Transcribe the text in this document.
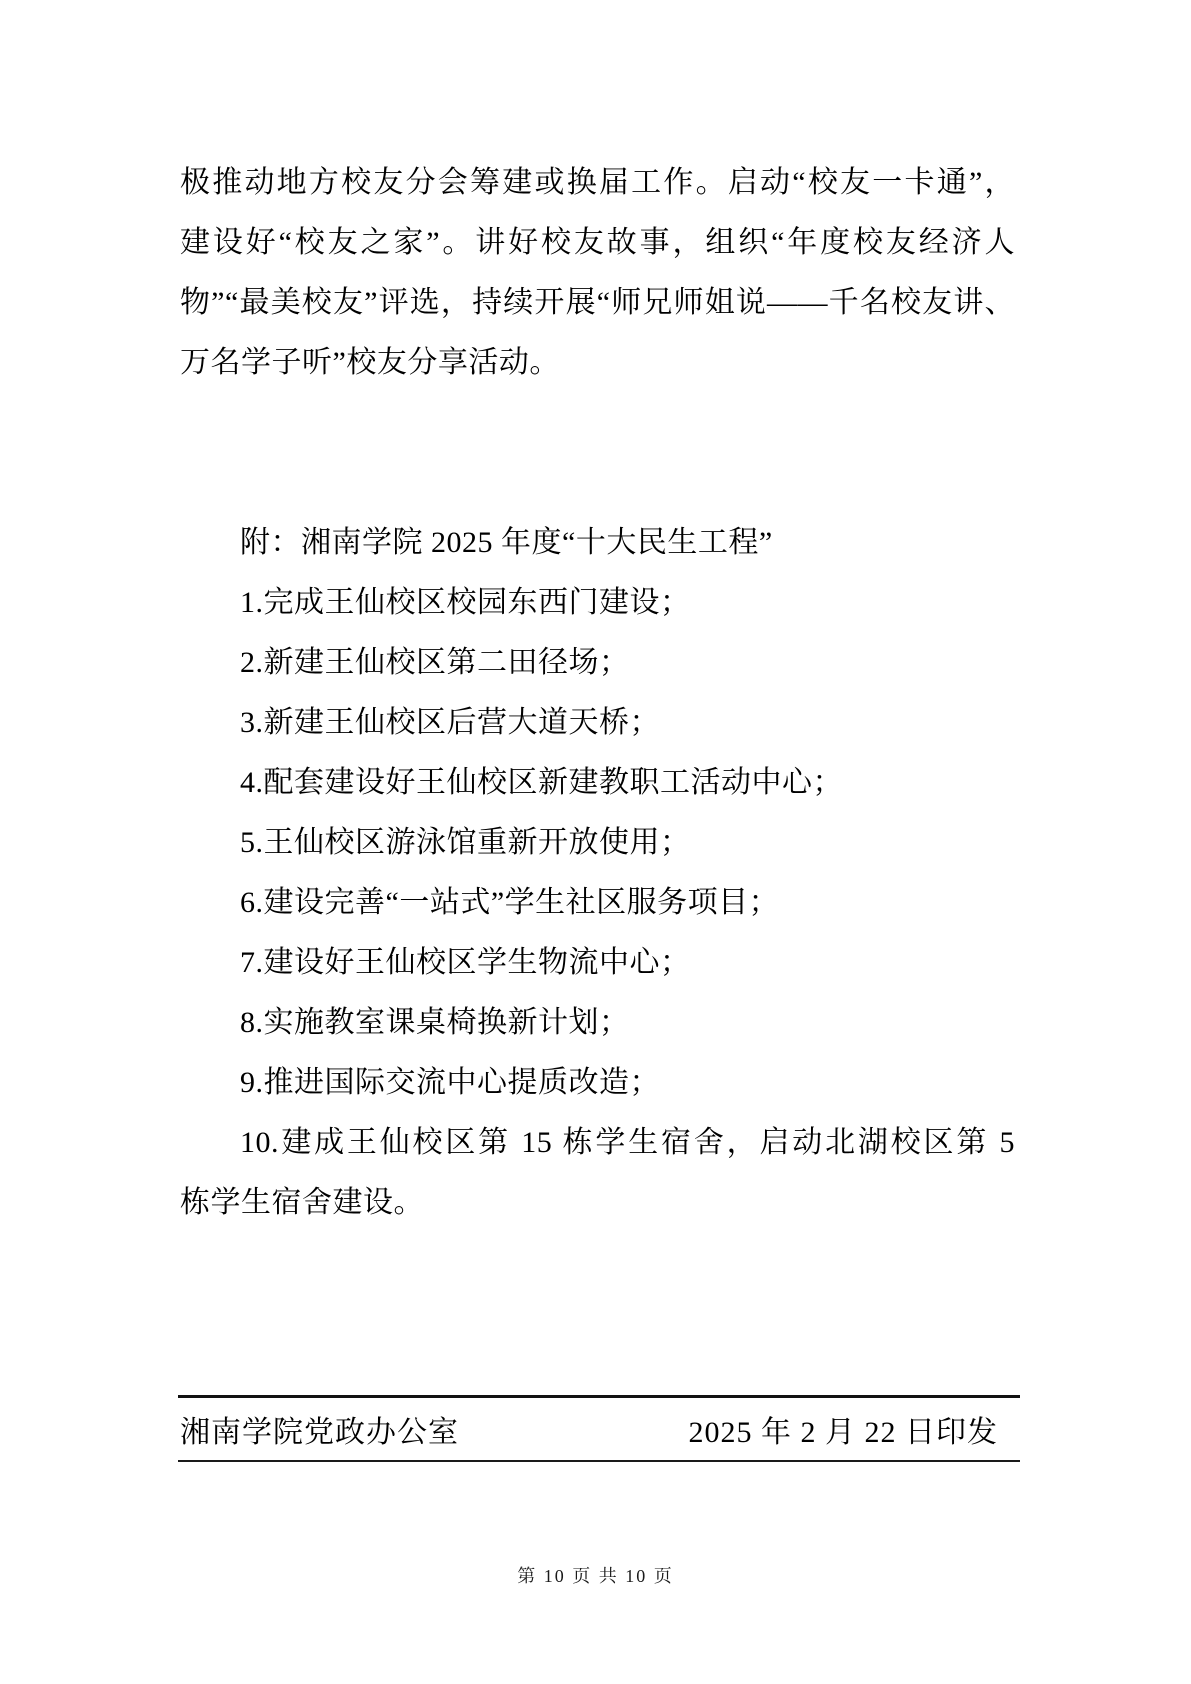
极推动地方校友分会筹建或换届工作。启动“校友一卡通”，
建设好“校友之家”。讲好校友故事，组织“年度校友经济人
物”“最美校友”评选，持续开展“师兄师姐说——千名校友讲、
万名学子听”校友分享活动。
附：湘南学院 2025 年度“十大民生工程”
1.完成王仙校区校园东西门建设；
2.新建王仙校区第二田径场；
3.新建王仙校区后营大道天桥；
4.配套建设好王仙校区新建教职工活动中心；
5.王仙校区游泳馆重新开放使用；
6.建设完善“一站式”学生社区服务项目；
7.建设好王仙校区学生物流中心；
8.实施教室课桌椅换新计划；
9.推进国际交流中心提质改造；
10.建成王仙校区第 15 栋学生宿舍，启动北湖校区第 5
栋学生宿舍建设。
湘南学院党政办公室	2025 年 2 月 22 日印发
第 10 页 共 10 页
